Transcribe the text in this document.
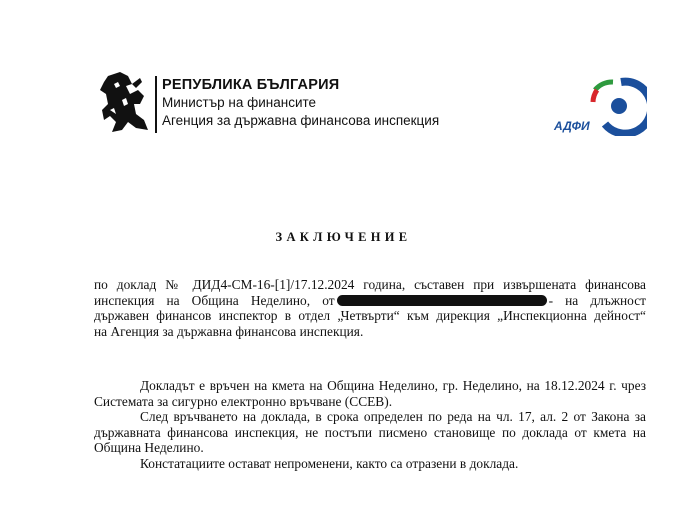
РЕПУБЛИКА БЪЛГАРИЯ
Министър на финансите
Агенция за държавна финансова инспекция	АДФИ
ЗАКЛЮЧЕНИЕ
по доклад № ДИД4-СМ-16-[1]/17.12.2024 година, съставен при извършената финансова
инспекция на Община Неделино, от	- на длъжност
държавен финансов инспектор в отдел „Четвърти“ към дирекция „Инспекционна дейност“
на Агенция за държавна финансова инспекция.
Докладът е връчен на кмета на Община Неделино, гр. Неделино, на 18.12.2024 г. чрез
Системата за сигурно електронно връчване (ССЕВ).
След връчването на доклада, в срока определен по реда на чл. 17, ал. 2 от Закона за
държавната финансова инспекция, не постъпи писмено становище по доклада от кмета на
Община Неделино.
Констатациите остават непроменени, както са отразени в доклада.
